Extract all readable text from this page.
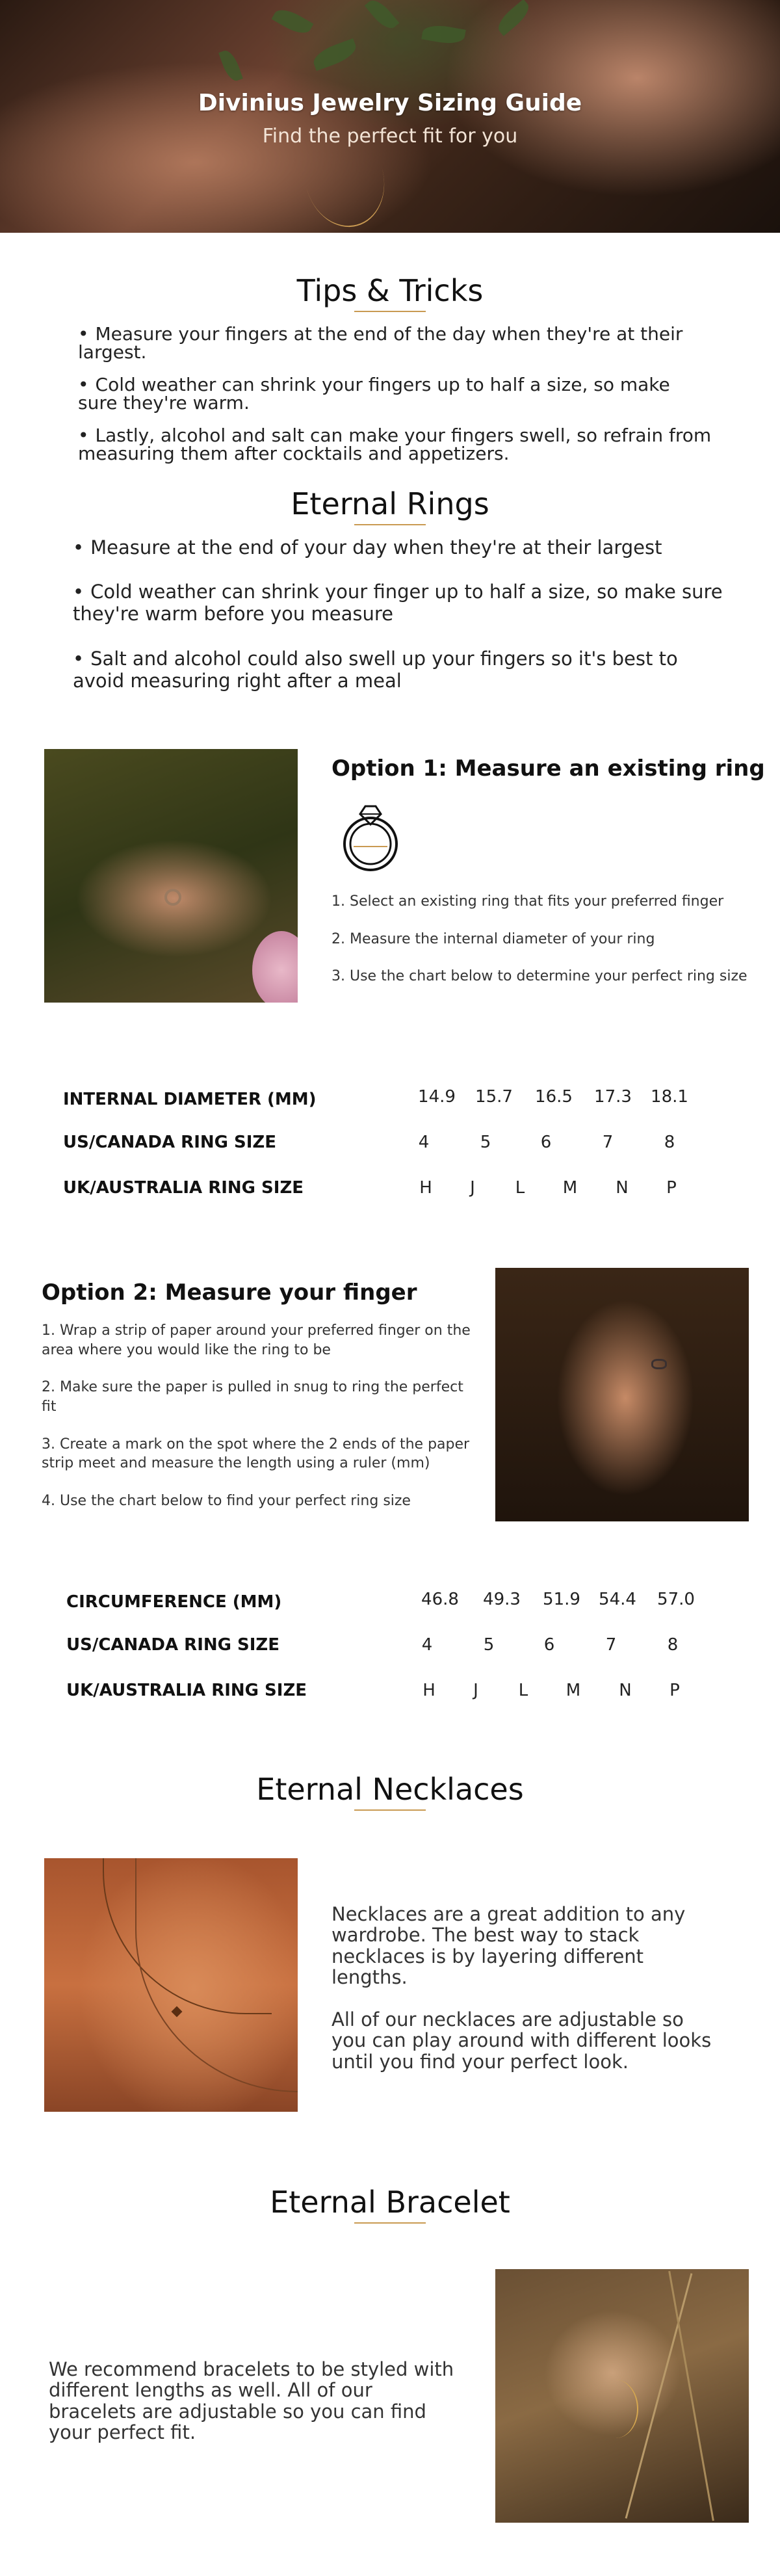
Divinius Jewelry Sizing Guide
Find the perfect fit for you
Tips & Tricks
• Measure your fingers at the end of the day when they're at their largest.
• Cold weather can shrink your fingers up to half a size, so make sure they're warm.
• Lastly, alcohol and salt can make your fingers swell, so refrain from measuring them after cocktails and appetizers.
Eternal Rings
• Measure at the end of your day when they're at their largest
• Cold weather can shrink your finger up to half a size, so make sure they're warm before you measure
• Salt and alcohol could also swell up your fingers so it's best to avoid measuring right after a meal
Option 1: Measure an existing ring

1. Select an existing ring that fits your preferred finger

2. Measure the internal diameter of your ring

3. Use the chart below to determine your perfect ring size

INTERNAL DIAMETER (MM)	14.9	15.7	16.5	17.3	18.1
US/CANADA RING SIZE	4	5	6	7	8
UK/AUSTRALIA RING SIZE	H	J	L	M	N	P
Option 2: Measure your finger

1. Wrap a strip of paper around your preferred finger on the area where you would like the ring to be

2. Make sure the paper is pulled in snug to ring the perfect fit

3. Create a mark on the spot where the 2 ends of the paper strip meet and measure the length using a ruler (mm)

4. Use the chart below to find your perfect ring size

CIRCUMFERENCE (MM)	46.8	49.3	51.9	54.4	57.0
US/CANADA RING SIZE	4	5	6	7	8
UK/AUSTRALIA RING SIZE	H	J	L	M	N	P
Eternal Necklaces

Necklaces are a great addition to any wardrobe. The best way to stack necklaces is by layering different lengths.

All of our necklaces are adjustable so you can play around with different looks until you find your perfect look.

Eternal Bracelet
We recommend bracelets to be styled with different lengths as well. All of our bracelets are adjustable so you can find your perfect fit.
